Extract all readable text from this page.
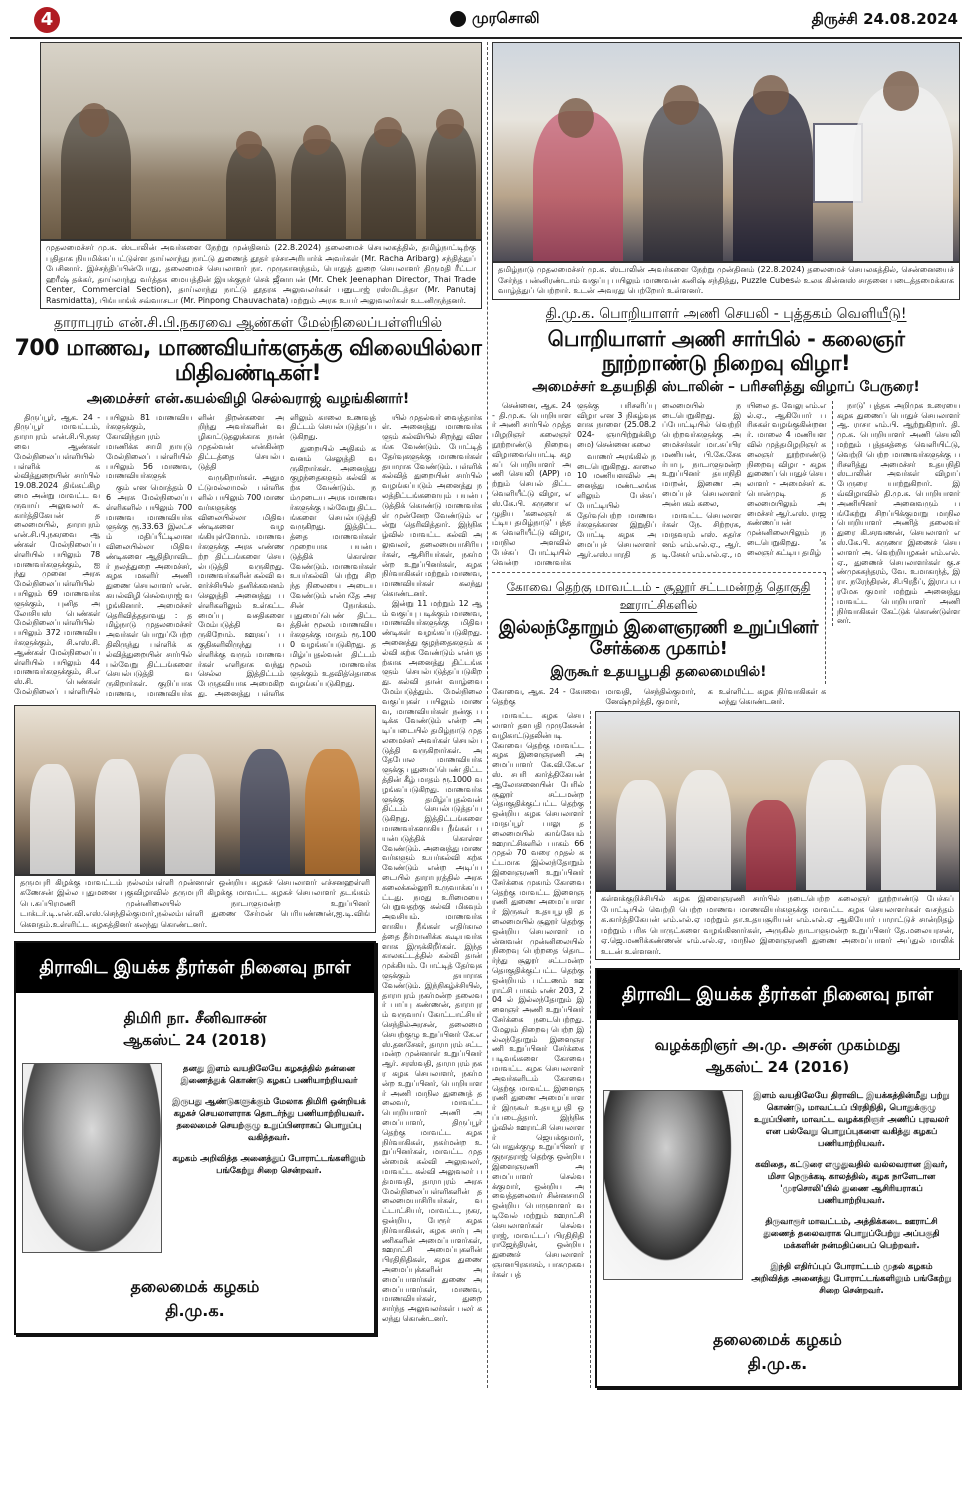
4	முரசொலி	திருச்சி 24.08.2024
முதலமைச்சர் மு.க. ஸ்டாலின் அவர்களை நேற்று முன்தினம் (22.8.2024) தலைமைச் செயலகத்தில், தமிழ்நாட்டிற்கு புதிதாக நியமிக்கப்பட்டுள்ள தாய்லாந்து நாட்டு துணைத் தூதர் ரச்சாஅரிபார்க் அவர்கள் (Mr. Racha Aribarg) சந்தித்துப் பேசினார். இச்சந்திப்பின்போது, தலைமைச் செயலாளர் நா. முருகானந்தம், பொதுத் துறை செயலாளர் திருமதி ரீட்டா ஹரீஷ் தக்கர், தாய்லாந்து வர்த்தக மையத்தின் இயக்குநர் செக் ஜீனாபன் (Mr. Chek Jeenaphan Director, Thai Trade Center, Commercial Section), தாய்லாந்து நாட்டு தூதரக அலுவலர்கள் பனுடாஜ் ரஸ்மிடத்தா (Mr. Panutaj Rasmidatta), பிங்பாங்க் சவ்வாசடா (Mr. Pinpong Chauvachata) மற்றும் அரசு உயர் அலுவலர்கள் உடனிருந்தனர்.
தாராபுரம் என்.சி.பி.நகரவை ஆண்கள் மேல்நிலைப்பள்ளியில்
700 மாணவ, மாணவியர்களுக்கு விலையில்லா மிதிவண்டிகள்!
அமைச்சர் என்.கயல்விழி செல்வராஜ் வழங்கினார்!

திருப்பூர், ஆக. 24 - திருப்பூர் மாவட்டம், தாராபுரம் என்.சி.பி.நகரவை ஆண்கள் மேல்நிலைப்பள்ளியில் பள்ளிக் கல்வித்துறையின் சார்பில் 19.08.2024 திங்கட்கிழமை அன்று மாவட்ட வருவாய் அலுவலர் க.கார்த்திகேயன் தலைமையில், தாராபுரம் என்.சி.பி.நகரவை ஆண்கள் மேல்நிலைப்பள்ளியில் பயிலும் 78 மாணவர்களுக்கும், ஐந்து முனை அரசு மேல்நிலைப்பள்ளியில் பயிலும் 69 மாணவர்களுக்கும், புனித அலோசியஸ் பெண்கள் மேல்நிலைப்பள்ளியில் பயிலும் 372 மாணவியர்களுக்கும், சி.எஸ்.சி. ஆண்கள் மேல்நிலைப்பள்ளியில் பயிலும் 44 மாணவர்களுக்கும், சி.எஸ்.சி. பெண்கள் மேல்நிலைப் பள்ளியில் பயிலும் 81 மாணவியர்களுக்கும், கோவிந்தாபுரம் மாணிக்க சாமி நாயுடு மேல்நிலைப் பள்ளியில் பயிலும் 56 மாணவ, மாணவியர்களுக்

கும் என மொத்தம் 06 அரசு மேல்நிலைப்பள்ளிகளில் பயிலும் 700 மாணவ மாணவியர்களுக்கு ரூ.33.63 இலட்சம் மதிப்பீட்டிலான விலையில்லா மிதிவண்டிகளை ஆதிதிராவிடர் நலத்துறை அமைச்சர், கழக மகளிர் அணி துணை செயலாளர் என். கயல்விழி செல்வராஜ் வழங்கினார். அமைச்சர் தெரிவித்ததாவது : தமிழ்நாடு முதலமைச்சர் அவர்கள் பொறுப்பேற்றதிலிருந்து பள்ளிக் கல்வித்துறையின் சார்பில் பல்வேறு திட்டங்களை செயல்படுத்தி வருகிறார்கள். குறிப்பாக மாணவ, மாணவியர்களின் திறன்களை அறிந்து அவர்களின் வழிகாட்டுதலுக்காக நான் முதல்வன் என்கின்ற திட்டத்தை செயல்படுத்தி

வருகிறார்கள். அதுமட்டுமல்லாமல் பள்ளிகளில் பயிலும் 700 மாணவர்களுக்கு விலையில்லா மிதிவண்டிகளை வழங்கியுள்ளோம். மாணவர்களுக்கு அரசு எண்ணற்ற திட்டங்களை செயல்படுத்தி வருகிறது. மாணவர்களின் கல்வி வளர்ச்சியில் தனிக்கவனம் செலுத்தி அனைத்து பள்ளிகளிலும் உள்கட்டமைப்பு வசதிகளை மேம்படுத்தி வருகிறோம். ஊரகப் பகுதிகளிலிருந்து பள்ளிக்கு வரும் மாணவர்கள் எளிதாக வந்து செல்ல இத்திட்டம் பேருதவியாக அமைகிறது. அனைத்து பள்ளிகளிலும் காலை உணவுத் திட்டம் செயல்படுத்தப்படுகிறது.

துறையில் அதிகம் கவனம் செலுத்தி வருகிறார்கள். அனைத்து குழந்தைகளும் கல்வி கற்க வேண்டும். நம்முடைய அரசு மாணவர்களுக்கு பல்வேறு திட்டங்களை செயல்படுத்தி வருகிறது. இத்திட்டத்தை மாணவர்கள் முறையாக பயன்படுத்திக் கொள்ள வேண்டும். மாணவர்கள் உயர்கல்வி பெற்று சிறந்த நிலையை அடைய வேண்டும் என்பதே அரசின் நோக்கம். புதுமைப்பெண் திட்டத்தின் மூலம் மாணவியர்களுக்கு மாதம் ரூ.1000 வழங்கப்படுகிறது. தமிழ்ப்புதல்வன் திட்டம் மூலம் மாணவர்களுக்கும் உதவித்தொகை வழங்கப்படுகிறது.

தருமபுரி கிழக்கு மாவட்டம் நல்லம்பள்ளி முன்னாள் ஒன்றிய கழகச் செயலாளர் எச்சனஹள்ளி கணேசன் இல்ல புதுமனை புகுவிழாவில் தருமபுரி கிழக்கு மாவட்ட கழகச் செயலாளர் தடங்கம் பெ.சுப்பிரமணி முன்னிலையில் நாடாளுமன்ற உறுப்பினர் டாக்டர்.டி.என்.வி.எஸ்.செந்தில்குமார்,நல்லம்பள்ளி துணை சேர்மன் பெரியண்ணன்,ஐ.டி.விங் கௌதம்.உள்ளிட்ட கழகத்தினர் கலந்து கொண்டனர்.
திராவிட இயக்க தீரர்கள் நினைவு நாள்
திமிரி நா. சீனிவாசன்
ஆகஸ்ட் 24 (2018)

தனது இளம் வயதிலேயே கழகத்தில் தன்னை இணைத்துக் கொண்டு கழகப் பணியாற்றியவர்

இருபது ஆண்டுகளுக்கும் மேலாக திமிரி ஒன்றியக் கழகச் செயலாளராக தொடர்ந்து பணியாற்றியவர். தலைமைச் செயற்குழு உறுப்பினராகப் பொறுப்பு வகித்தவர்.

கழகம் அறிவித்த அனைத்துப் போராட்டங்களிலும் பங்கேற்று சிறை சென்றவர்.

தலைமைக் கழகம்
தி.மு.க.

யில் முதல்வர் வைத்தார்கள். அனைத்து மாணவர்களும் கல்வியில் சிறந்து விளங்க வேண்டும். போட்டித் தேர்வுகளுக்கு மாணவர்கள் தயாராக வேண்டும். பள்ளிக் கல்வித் துறையின் சார்பில் வழங்கப்படும் அனைத்து நலத்திட்டங்களையும் பயன்படுத்திக் கொண்டு மாணவர்கள் முன்னேற வேண்டும் என்று தெரிவித்தார். இந்நிகழ்வில் மாவட்ட கல்வி அலுவலர், தலைமையாசிரியர்கள், ஆசிரியர்கள், நகர்மன்ற உறுப்பினர்கள், கழக நிர்வாகிகள் மற்றும் மாணவ, மாணவியர்கள் கலந்து கொண்டனர்.

இன்று 11 மற்றும் 12 ஆம் வகுப்பு படிக்கும் மாணவ, மாணவியர்களுக்கு மிதிவண்டிகள் வழங்கப்படுகிறது. அனைத்து குழந்தைகளும் கல்வி கற்க வேண்டும் என்பதற்காக அனைத்து திட்டங்களும் செயல்படுத்தப்படுகிறது. கல்வி தான் வாழ்வை மேம்படுத்தும். மேல்நிலை வகுப்புகள் பயிலும் மாணவ, மாணவியர்கள் நன்கு படிக்க வேண்டும் என்ற அடிப்படையில் தமிழ்நாடு முதலமைச்சர் அவர்கள் செயல்படுத்தி வருகிறார்கள். அதேபோல மாணவியர்களுக்கு புதுமைப்பெண் திட்டத்தின் கீழ் மாதம் ரூ.1000 வழங்கப்படுகிறது. மாணவர்களுக்கு தமிழ்ப்புதல்வன் திட்டம் செயல்படுத்தப்படுகிறது. இத்திட்டங்களை மாணவர்களாகிய நீங்கள் பயன்படுத்திக் கொள்ள வேண்டும். அனைத்து மாணவர்களும் உயர்கல்வி கற்க வேண்டும் என்ற அடிப்படையில் தாராபுரத்தில் அரசு கலைக்கல்லூரி உருவாக்கப்பட்டது. நமது உரிமையை பெறுவதற்கு கல்வி மிகவும் அவசியம். மாணவர்களாகிய நீங்கள் எதிர்காலத்தை தீர்மானிக்க கூடியவர்களாக இருக்கிறீர்கள். இந்த காலகட்டத்தில் கல்வி தான் முக்கியம். போட்டித் தேர்வுகளுக்கும் தயாராக வேண்டும். இந்நிகழ்ச்சியில், தாராபுரம் நகர்மன்ற தலைவர் பாப்பு கண்ணன், தாராபுரம் வருவாய் கோட்டாட்சியர் செந்தில்அரசன், தலைமை செயற்குழு உறுப்பினர் கே.எஸ்.தனசேகர், தாராபுரம் சட்டமன்ற முன்னாள் உறுப்பினர் ஆர். சரஸ்வதி, தாராபுரம் நகர கழக செயலாளர், நகர்மன்ற உறுப்பினர், பொறியாளர் அணி மாநில துணைத் தலைவர், மாவட்ட பொறியாளர் அணி அமைப்பாளர், திருப்பூர் தெற்கு மாவட்ட கழக நிர்வாகிகள், நகர்மன்ற உறுப்பினர்கள், மாவட்ட முதன்மைக் கல்வி அலுவலர், மாவட்ட கல்வி அலுவலர் பத்மாவதி, தாராபுரம் அரசு மேல்நிலைப்பள்ளிகளின் தலைமையாசிரியர்கள், வட்டாட்சியர், மாவட்ட, நகர, ஒன்றிய, பேரூர் கழக நிர்வாகிகள், கழக சார்பு அணிகளின் அமைப்பாளர்கள், ஊராட்சி அமைப்புகளின் பிரதிநிதிகள், கழக துணை அமைப்புக்களின் அமைப்பாளர்கள் துணை அமைப்பாளர்கள், மாணவ, மாணவியர்கள், துறை சார்ந்த அலுவலர்கள் பலர் கலந்து கொண்டனர்.

தமிழ்நாடு முதலமைச்சர் மு.க. ஸ்டாலின் அவர்களை நேற்று முன்தினம் (22.8.2024) தலைமைச் செயலகத்தில், சென்னையைச் சேர்ந்த பன்னிரண்டாம் வகுப்பு பயிலும் மாணவன் கனிஷ் சந்தித்து, Puzzle Cubesல் உலக கின்னஸ் சாதனை படைத்தமைக்காக வாழ்த்துப் பெற்றார். உடன் அவரது பெற்றோர் உள்ளனர்.
தி.மு.க. பொறியாளர் அணி செயலி - புத்தகம் வெளியீடு!
பொறியாளர் அணி சார்பில் - கலைஞர் நூற்றாண்டு நிறைவு விழா!
அமைச்சர் உதயநிதி ஸ்டாலின் – பரிசளித்து விழாப் பேருரை!

சென்னை, ஆக. 24 - தி.மு.க. பொறியாளர் அணி சார்பில் முத்தமிழறிஞர் கலைஞர் நூற்றாண்டு நிறைவு விழாவையொட்டி கழகப் பொறியாளர் அணி செயலி (APP) மற்றும் செயல் திட்ட வெளியீட்டு விழா, எஸ்.கே.பி. கருணா எழுதிய 'கலைஞர் கட்டிய தமிழ்நாடு' புத்தக வெளியீட்டு விழா, மாநில அளவில் பேச்சுப் போட்டியில் வென்ற மாணவர்களுக்கு பரிசளிப்பு விழா என 3 நிகழ்வுகளாக நாளை (25.08.2024- ஞாயிற்றுக்கிழமை) சென்னை கலை

வாணர் அரங்கில் நடைபெறுகிறது. காலை 10 மணியளவில் அனைத்து மண்டலங்களிலும் பேச்சுப் போட்டியில் தேர்வுபெற்ற மாணவர்களுக்கான இறுதிப் போட்டி கழக அமைப்புச் செயலாளர் ஆர்.எஸ்.பாரதி தலைமையில் நடைபெறுகிறது. இப்போட்டியில் வெற்றி பெற்றவர்களுக்கு அமைச்சர்கள் மா.சுப்பிரமணியன், பி.கே.சேகர்பாபு, நாடாளுமன்ற உறுப்பினர் தயாநிதி மாறன், இணை அமைப்புச் செயலாளர் அன்பகம் கலை,

மாவட்ட செயலாளர்கள் நே. சிற்றரசு, மாதவரம் எஸ். சுதர்சனம் எம்.எல்.ஏ., ஆர்.டி.சேகர் எம்.எல்.ஏ., மயிலை த. வேலு எம்.எல்.ஏ., ஆகியோர் பரிசுகள் வழங்குகின்றனர். மாலை 4 மணியளவில் முத்தமிழறிஞர் கலைஞர் நூற்றாண்டு நிறைவு விழா - கழக துணைப் பொதுச் செயலாளர் - அமைச்சர் க.பொன்முடி தலைமையிலும் அமைச்சர் ஆர்.எஸ். ராஜகண்ணப்பன் முன்னிலையிலும் நடைபெறுகிறது. 'கலைஞர் கட்டிய தமிழ்

கோவை தெற்கு மாவட்டம் - சூலூர் சட்டமன்றத் தொகுதி ஊராட்சிகளில்
இல்லந்தோறும் இளைஞரணி உறுப்பினர் சேர்க்கை முகாம்!
இருகூர் உதயபூபதி தலைமையில்!
கோவை, ஆக. 24 - கோவை தெற்கு
மாவதி, செந்தில்குமார், கனேஷ்மூர்த்தி, குமார்,
உள்ளிட்ட கழக நிர்வாகிகள் கலந்து கொண்டனர்.

நாடு' புத்தக அறிமுக உரையை கழக துணைப் பொதுச் செயலாளர் ஆ. ராசா எம்.பி. ஆற்றுகிறார். தி.மு.க. பொறியாளர் அணி செயலி மற்றும் புத்தகத்தை வெளியிட்டு, வெற்றி பெற்ற மாணவர்களுக்கு பரிசளித்து அமைச்சர் உதயநிதி ஸ்டாலின் அவர்கள் விழாப் பேருரை யாற்றுகிறார். இவ்விழாவில் தி.மு.க. பொறியாளர் அணியினர் அனைவரும் பங்கேற்று சிறப்பிக்குமாறு மாநில பொறியாளர் அணித் தலைவர் துரை கி.சரவணன், செயலாளர் எஸ்.கே.பி. கருணா இணைச் செயலாளர் அ. வெற்றியழகன் எம்.எல்.ஏ., துணைச் செயலாளர்கள் கு.சண்முகசுந்தரம், வே. உமாகாந்த், இரா. நரேந்திரன், சி.பிரதீப், இரா.ப.பரமேசு குமார் மற்றும் அனைத்து மாவட்ட பொறியாளர் அணி நிர்வாகிகள் கேட்டுக் கொண்டுள்ளனர்.

மாவட்ட கழக செயலாளர் தளபதி முருகேசன் வழிகாட்டுதலின்படி கோவை தெற்கு மாவட்ட கழக இளைஞரணி அமைப்பாளர் கே.வி.கே.எஸ். சபரி கார்த்திகேயன் ஆலோசனையின் பேரில் சூலூர் சட்டமன்ற தொகுதிக்குட்பட்ட தெற்கு ஒன்றிய கழக செயலாளர் மாதப்பூர் பாலு தலைமையில் காங்கேயம் ஊராட்சிகளில் பாகம் 66 முதல் 70 வரை முதல் கட்டமாக இல்லந்தோறும் இளைஞரணி உறுப்பினர் சேர்க்கை முகாம் கோவை தெற்கு மாவட்ட இளைஞரணி துணை அமைப்பாளர் இருகூர் உதயபூபதி தலைமையில் சூலூர் தெற்கு ஒன்றிய செயலாளர் மன்னவன் முன்னிலையில் நிறைவு பெற்றதை தொடர்ந்து சூலூர் சட்டமன்ற தொகுதிக்குட்பட்ட தெற்கு ஒன்றியம் பட்டணம் ஊராட்சி பாகம் எண் 203, 204 ல் இல்லந்தோறும் இளைஞர் அணி உறுப்பினர் சேர்க்கை நடைபெற்றது. மேலும் நிறைவு பெற்ற இல்லந்தோறும் இளைஞரணி உறுப்பினர் சேர்க்கை படிவங்களை கோவை மாவட்ட கழக செயலாளர் அவர்களிடம் கோவை தெற்கு மாவட்ட இளைஞரணி துணை அமைப்பாளர் இருகூர் உதயபூபதி ஒப்படைத்தார். இந்நிகழ்வில் ஊராட்சி செயலாளர் ஜெயக்குமார், பொதுக்குழு உறுப்பினர் ரகுநாதராஜ் தெற்கு ஒன்றிய இளைஞரணி அமைப்பாளர் செல்வக்குமார், ஒன்றிய அவைத்தலைவர் சின்னசாமி ஒன்றிய பொருளாளர் வடிவேல் மற்றும் ஊராட்சி செயலாளர்கள் செல்வராஜ், மாவட்டப் பிரதிநிதி ராஜேந்திரன், ஒன்றிய துணைச் செயலாளர் ஞானபிரகாசம், பாகமுகவர்கள் பத்

கள்ளக்குறிச்சியில் கழக இளைஞரணி சார்பில் நடைபெற்ற கலைஞர் நூற்றாண்டு பேச்சுப் போட்டியில் வெற்றி பெற்ற மாணவ மாணவியர்களுக்கு மாவட்ட கழக செயலாளர்கள் வசந்தம் க.கார்த்திகேயன் எம்.எல்.ஏ மற்றும் தா.உதயசூரியன் எம்.எல்.ஏ ஆகியோர் பாராட்டுச் சான்றிதழ் மற்றும் பரிசு பொருட்களை வழங்கினார்கள், அருகில் நாடாளுமன்ற உறுப்பினர் தே.மலையரசன், ஏ.ஜெ.மணிக்கண்ணன் எம்.எல்.ஏ, மாநில இளைஞரணி துணை அமைப்பாளர் அப்துல் மாலிக் உடன் உள்ளனர்.
திராவிட இயக்க தீரர்கள் நினைவு நாள்
வழக்கறிஞர் அ.மு. அசன் முகம்மது
ஆகஸ்ட் 24 (2016)

இளம் வயதிலேயே திராவிட இயக்கத்தின்மீது பற்று கொண்டு, மாவட்டப் பிரதிநிதி, பொதுக்குழு உறுப்பினர், மாவட்ட வழக்கறிஞர் அணிப் புரவலர் என பல்வேறு பொறுப்புகளை வகித்து கழகப் பணியாற்றியவர்.

கவிதை, கட்டுரை எழுதுவதில் வல்லவரான இவர், மிசா நெருக்கடி காலத்தில், கழக நாளேடான 'முரசொலி'யில் துணை ஆசிரியராகப் பணியாற்றியவர்.

திருவாரூர் மாவட்டம், அத்திக்கடை ஊராட்சி துணைத் தலைவராக பொறுப்பேற்று அப்பகுதி மக்களின் நன்மதிப்பைப் பெற்றவர்.

இந்தி எதிர்ப்புப் போராட்டம் முதல் கழகம் அறிவித்த அனைத்து போராட்டங்களிலும் பங்கேற்று சிறை சென்றவர்.

தலைமைக் கழகம்
தி.மு.க.
